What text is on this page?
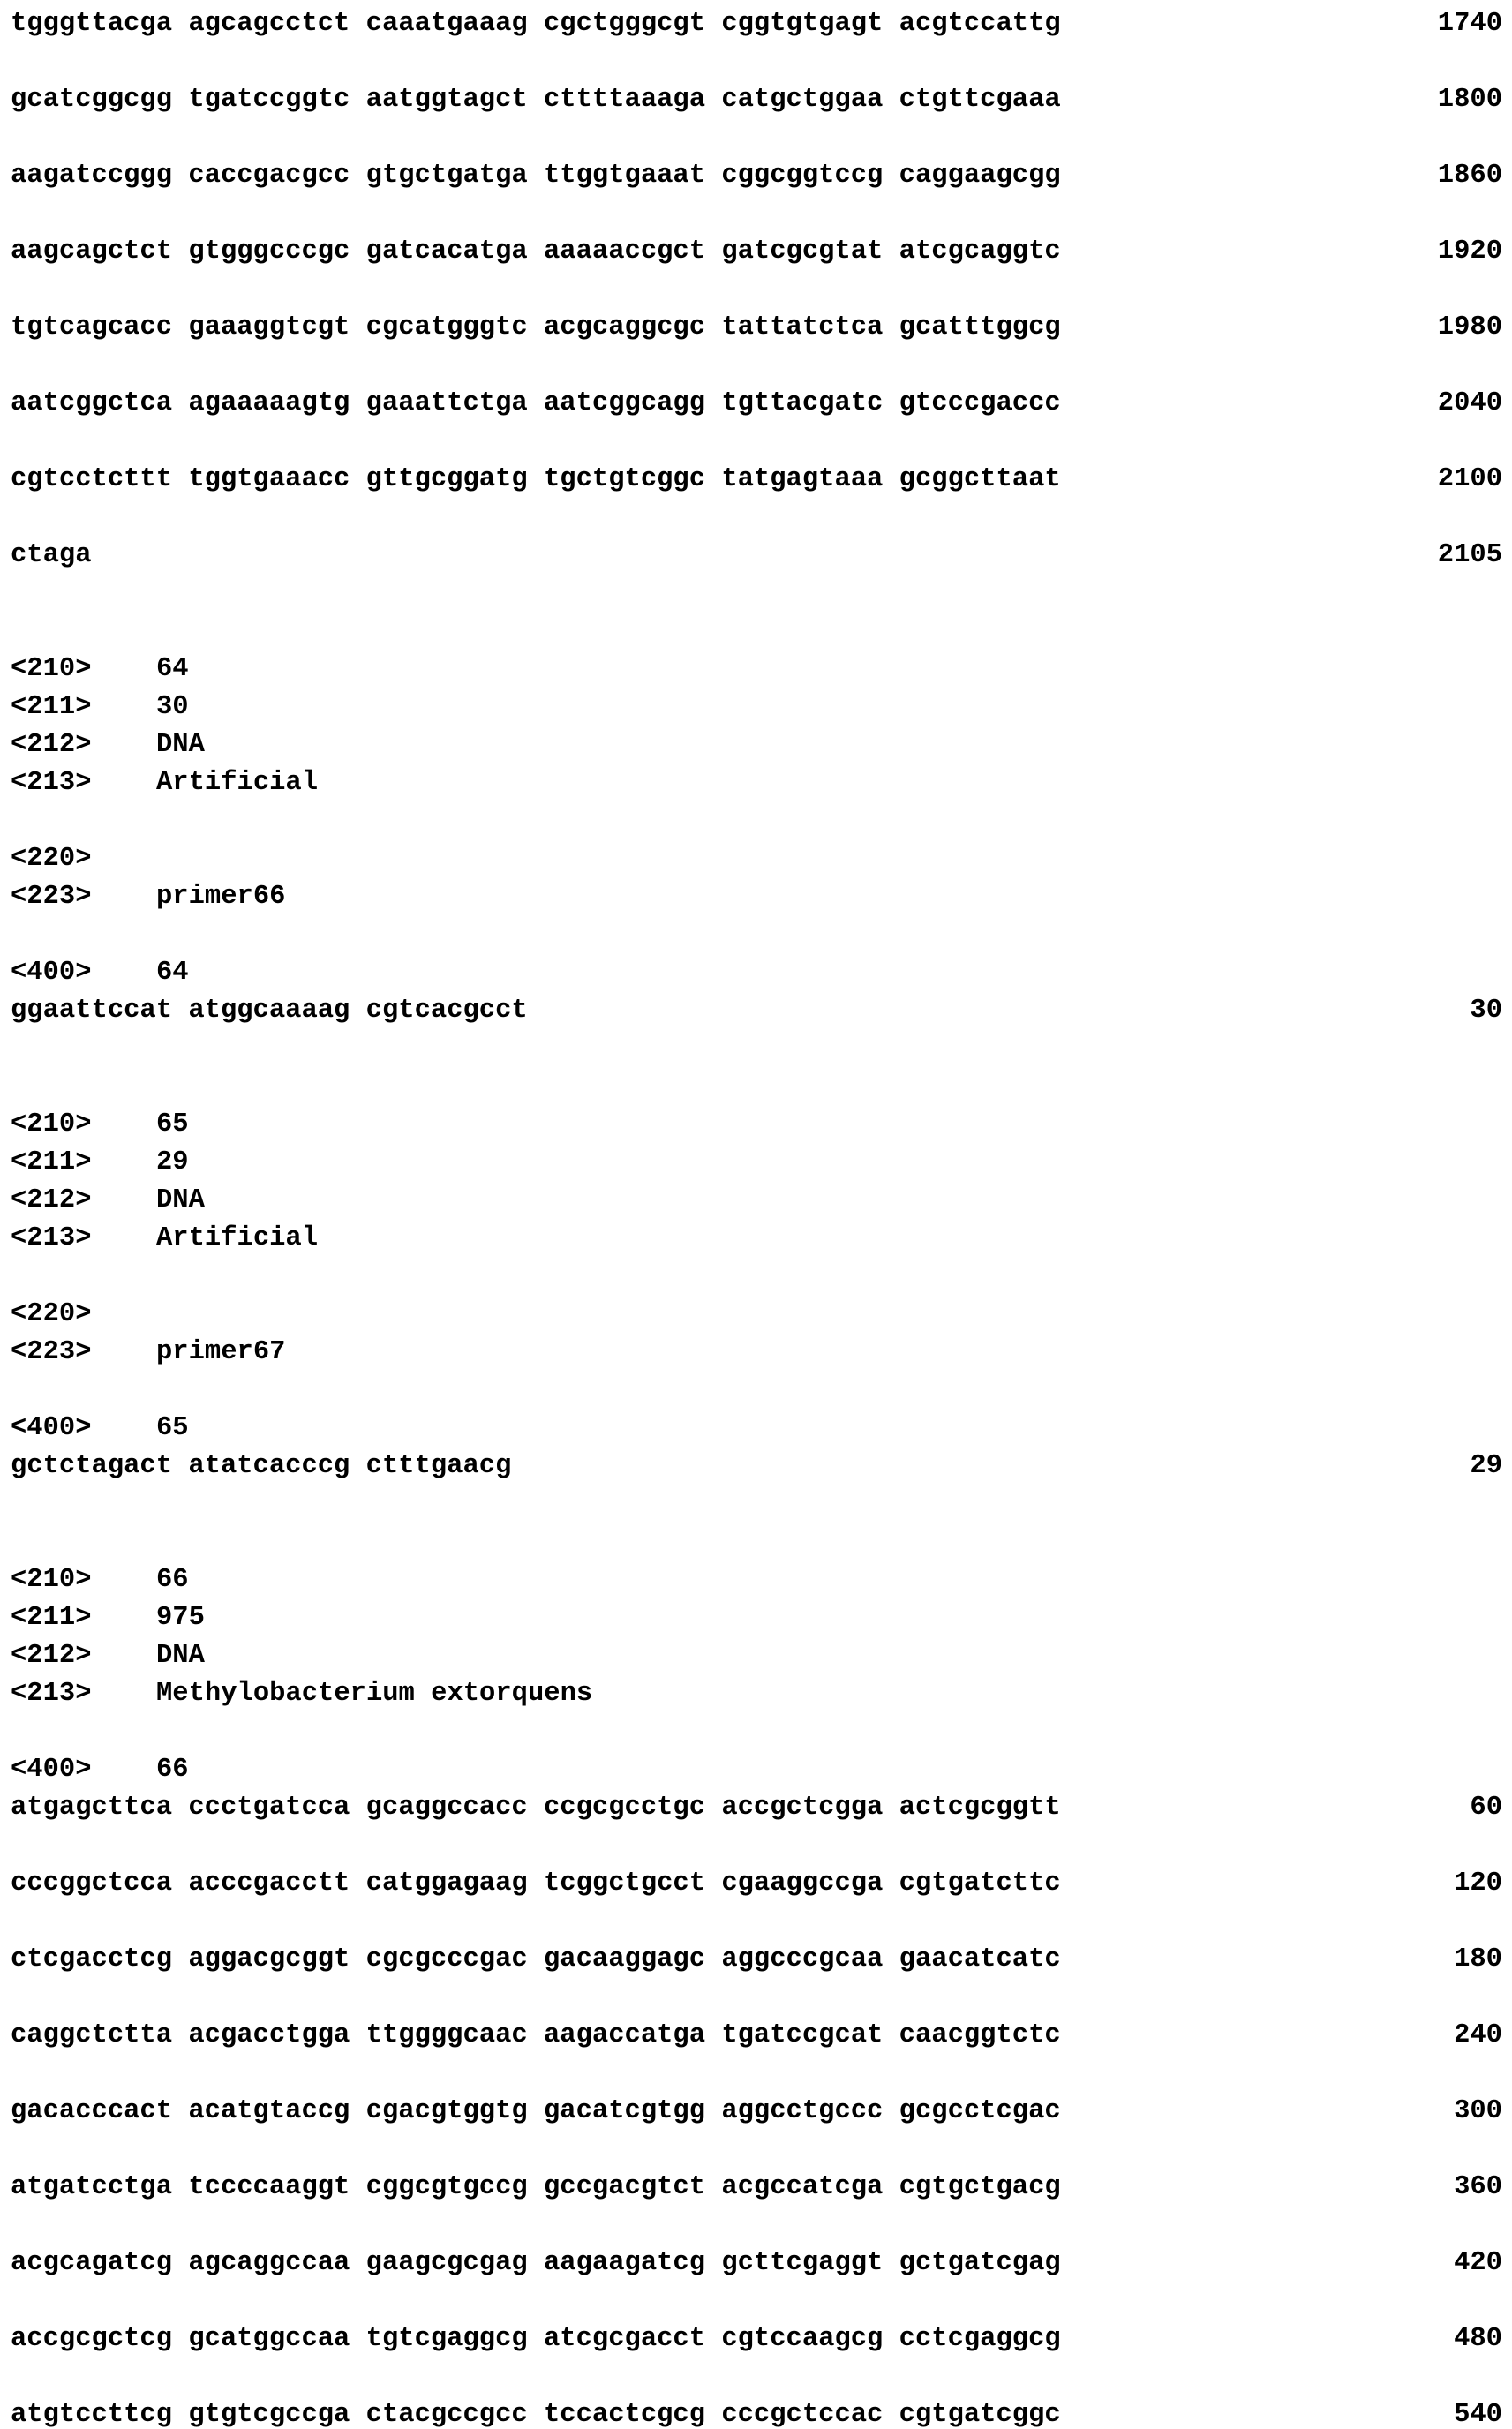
tgggttacga agcagcctct caaatgaaag cgctgggcgt cggtgtgagt acgtccattg	1740
gcatcggcgg tgatccggtc aatggtagct cttttaaaga catgctggaa ctgttcgaaa	1800
aagatccggg caccgacgcc gtgctgatga ttggtgaaat cggcggtccg caggaagcgg	1860
aagcagctct gtgggcccgc gatcacatga aaaaaccgct gatcgcgtat atcgcaggtc	1920
tgtcagcacc gaaaggtcgt cgcatgggtc acgcaggcgc tattatctca gcatttggcg	1980
aatcggctca agaaaaagtg gaaattctga aatcggcagg tgttacgatc gtcccgaccc	2040
cgtcctcttt tggtgaaacc gttgcggatg tgctgtcggc tatgagtaaa gcggcttaat	2100
ctaga	2105
<210>	64
<211>	30
<212>	DNA
<213>	Artificial
<220>
<223>	primer66
<400>	64
ggaattccat atggcaaaag cgtcacgcct	30
<210>	65
<211>	29
<212>	DNA
<213>	Artificial
<220>
<223>	primer67
<400>	65
gctctagact atatcacccg ctttgaacg	29
<210>	66
<211>	975
<212>	DNA
<213>	Methylobacterium extorquens
<400>	66
atgagcttca ccctgatcca gcaggccacc ccgcgcctgc accgctcgga actcgcggtt	60
cccggctcca acccgacctt catggagaag tcggctgcct cgaaggccga cgtgatcttc	120
ctcgacctcg aggacgcggt cgcgcccgac gacaaggagc aggcccgcaa gaacatcatc	180
caggctctta acgacctgga ttggggcaac aagaccatga tgatccgcat caacggtctc	240
gacacccact acatgtaccg cgacgtggtg gacatcgtgg aggcctgccc gcgcctcgac	300
atgatcctga tccccaaggt cggcgtgccg gccgacgtct acgccatcga cgtgctgacg	360
acgcagatcg agcaggccaa gaagcgcgag aagaagatcg gcttcgaggt gctgatcgag	420
accgcgctcg gcatggccaa tgtcgaggcg atcgcgacct cgtccaagcg cctcgaggcg	480
atgtccttcg gtgtcgccga ctacgccgcc tccactcgcg cccgctccac cgtgatcggc	540
